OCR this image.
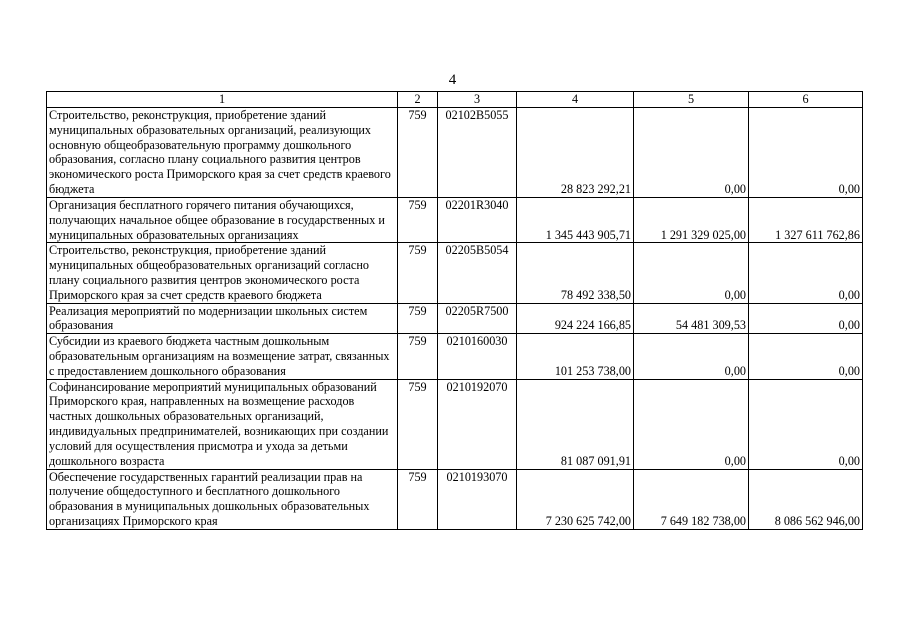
4
1	2	3	4	5	6
Строительство, реконструкция, приобретение зданий муниципальных образовательных организаций, реализующих основную общеобразовательную программу дошкольного образования, согласно плану социального развития центров экономического роста Приморского края за счет средств краевого бюджета	759	02102B5055	28 823 292,21	0,00	0,00
Организация бесплатного горячего питания обучающихся, получающих начальное общее образование в государственных и муниципальных образовательных организациях	759	02201R3040	1 345 443 905,71	1 291 329 025,00	1 327 611 762,86
Строительство, реконструкция, приобретение зданий муниципальных общеобразовательных организаций согласно плану социального развития центров экономического роста Приморского края за счет средств краевого бюджета	759	02205B5054	78 492 338,50	0,00	0,00
Реализация мероприятий по модернизации школьных систем образования	759	02205R7500	924 224 166,85	54 481 309,53	0,00
Субсидии из краевого бюджета частным дошкольным образовательным организациям на возмещение затрат, связанных с предоставлением дошкольного образования	759	0210160030	101 253 738,00	0,00	0,00
Софинансирование мероприятий муниципальных образований Приморского края, направленных на возмещение расходов частных дошкольных образовательных организаций, индивидуальных предпринимателей, возникающих при создании условий для осуществления присмотра и ухода за детьми дошкольного возраста	759	0210192070	81 087 091,91	0,00	0,00
Обеспечение государственных гарантий реализации прав на получение общедоступного и бесплатного дошкольного образования в муниципальных дошкольных образовательных организациях Приморского края	759	0210193070	7 230 625 742,00	7 649 182 738,00	8 086 562 946,00
